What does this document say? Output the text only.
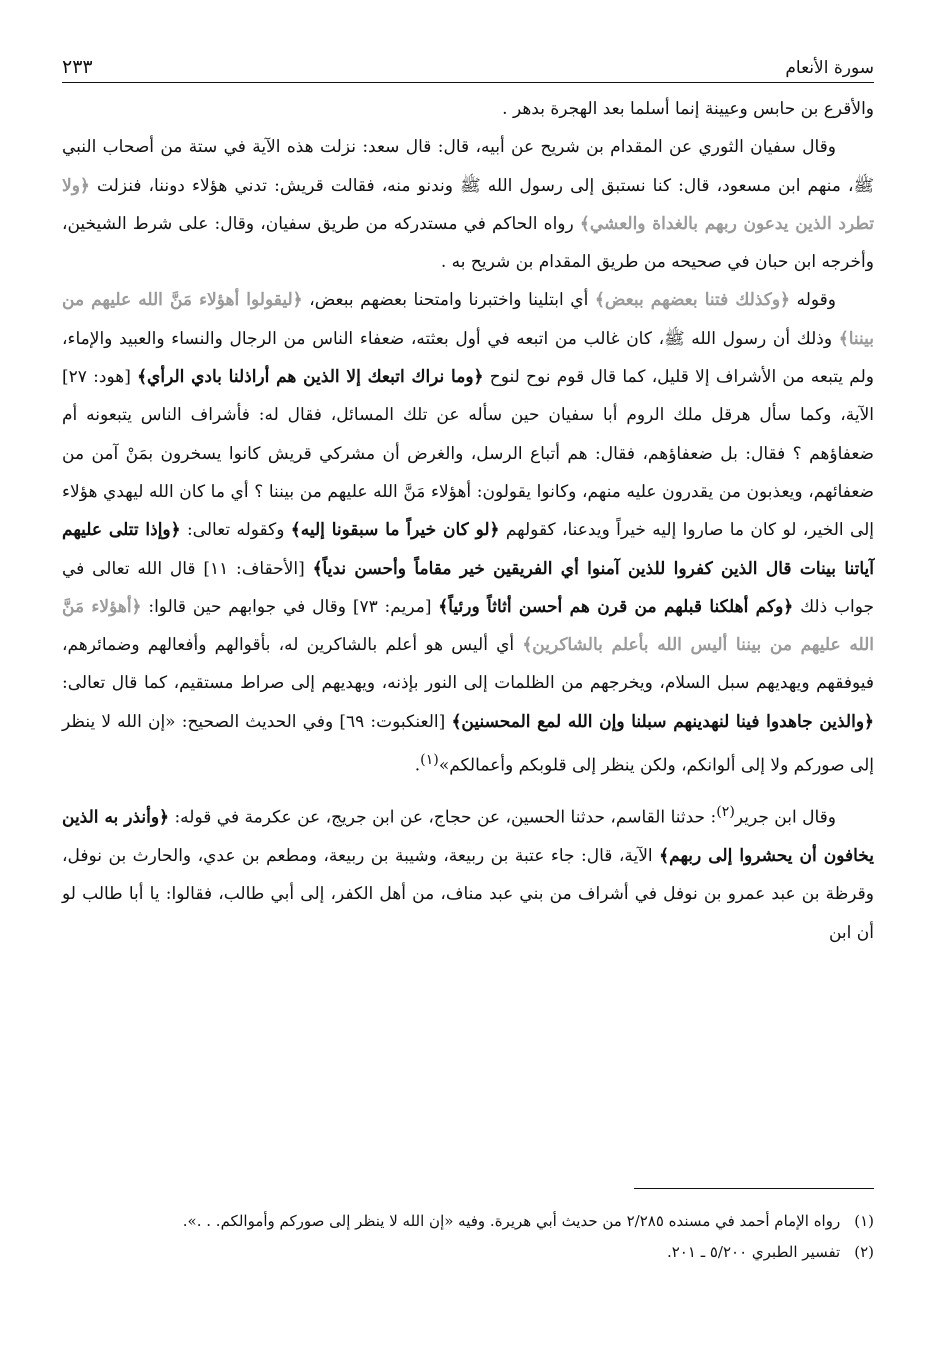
سورة الأنعام
٢٣٣

والأقرع بن حابس وعيينة إنما أسلما بعد الهجرة بدهر .

وقال سفيان الثوري عن المقدام بن شريح عن أبيه، قال: قال سعد: نزلت هذه الآية في ستة من أصحاب النبي ﷺ، منهم ابن مسعود، قال: كنا نستبق إلى رسول الله ﷺ وندنو منه، فقالت قريش: تدني هؤلاء دوننا، فنزلت ﴿ولا تطرد الذين يدعون ربهم بالغداة والعشي﴾ رواه الحاكم في مستدركه من طريق سفيان، وقال: على شرط الشيخين، وأخرجه ابن حبان في صحيحه من طريق المقدام بن شريح به .

وقوله ﴿وكذلك فتنا بعضهم ببعض﴾ أي ابتلينا واختبرنا وامتحنا بعضهم ببعض، ﴿ليقولوا أهؤلاء مَنَّ الله عليهم من بيننا﴾ وذلك أن رسول الله ﷺ، كان غالب من اتبعه في أول بعثته، ضعفاء الناس من الرجال والنساء والعبيد والإماء، ولم يتبعه من الأشراف إلا قليل، كما قال قوم نوح لنوح ﴿وما نراك اتبعك إلا الذين هم أراذلنا بادي الرأي﴾ [هود: ٢٧] الآية، وكما سأل هرقل ملك الروم أبا سفيان حين سأله عن تلك المسائل، فقال له: فأشراف الناس يتبعونه أم ضعفاؤهم ؟ فقال: بل ضعفاؤهم، فقال: هم أتباع الرسل، والغرض أن مشركي قريش كانوا يسخرون بمَنْ آمن من ضعفائهم، ويعذبون من يقدرون عليه منهم، وكانوا يقولون: أهؤلاء مَنَّ الله عليهم من بيننا ؟ أي ما كان الله ليهدي هؤلاء إلى الخير، لو كان ما صاروا إليه خيراً ويدعنا، كقولهم ﴿لو كان خيراً ما سبقونا إليه﴾ وكقوله تعالى: ﴿وإذا تتلى عليهم آياتنا بينات قال الذين كفروا للذين آمنوا أي الفريقين خير مقاماً وأحسن ندياً﴾ [الأحقاف: ١١] قال الله تعالى في جواب ذلك ﴿وكم أهلكنا قبلهم من قرن هم أحسن أثاثاً ورئياً﴾ [مريم: ٧٣] وقال في جوابهم حين قالوا: ﴿أهؤلاء مَنَّ الله عليهم من بيننا أليس الله بأعلم بالشاكرين﴾ أي أليس هو أعلم بالشاكرين له، بأقوالهم وأفعالهم وضمائرهم، فيوفقهم ويهديهم سبل السلام، ويخرجهم من الظلمات إلى النور بإذنه، ويهديهم إلى صراط مستقيم، كما قال تعالى: ﴿والذين جاهدوا فينا لنهدينهم سبلنا وإن الله لمع المحسنين﴾ [العنكبوت: ٦٩] وفي الحديث الصحيح: «إن الله لا ينظر إلى صوركم ولا إلى ألوانكم، ولكن ينظر إلى قلوبكم وأعمالكم»$^{(١)}$.

وقال ابن جرير$^{(٢)}$: حدثنا القاسم، حدثنا الحسين، عن حجاج، عن ابن جريج، عن عكرمة في قوله: ﴿وأنذر به الذين يخافون أن يحشروا إلى ربهم﴾ الآية، قال: جاء عتبة بن ربيعة، وشيبة بن ربيعة، ومطعم بن عدي، والحارث بن نوفل، وقرظة بن عبد عمرو بن نوفل في أشراف من بني عبد مناف، من أهل الكفر، إلى أبي طالب، فقالوا: يا أبا طالب لو أن ابن

(١)
رواه الإمام أحمد في مسنده ٢/٢٨٥ من حديث أبي هريرة. وفيه «إن الله لا ينظر إلى صوركم وأموالكم. . .».
(٢)
تفسير الطبري ٥/٢٠٠ ـ ٢٠١.
